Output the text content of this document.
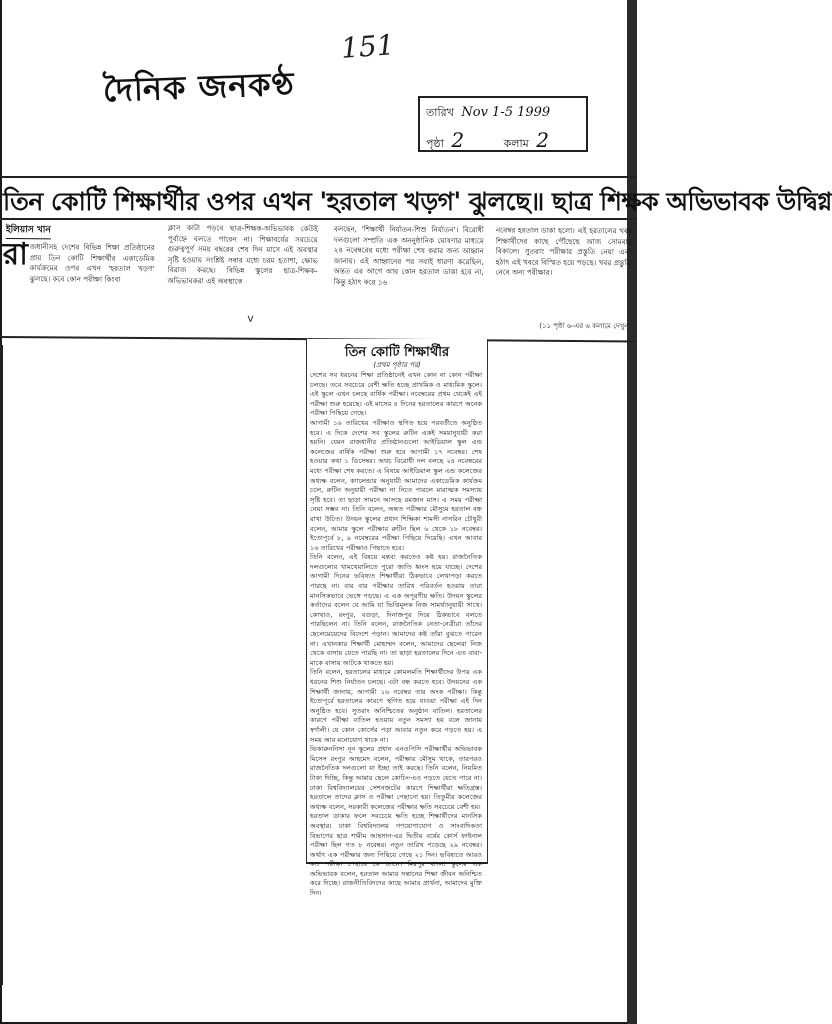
151
দৈনিক জনকণ্ঠ
তারিখ Nov 1-5 1999
পৃষ্ঠা 2	কলাম 2
তিন কোটি শিক্ষার্থীর ওপর এখন 'হরতাল খড়গ' ঝুলছে॥ ছাত্র শিক্ষক অভিভাবক উদ্বিগ্ন
ইলিয়াস খান
রা জধানীসহ দেশের বিভিন্ন শিক্ষা প্রতিষ্ঠানের প্রায় তিন কোটি শিক্ষার্থীর একাডেমিক কার্যক্রমের ওপর এখন 'হরতাল খড়গ' ঝুলছে। কবে কোন পরীক্ষা কিংবা
ক্লাস কাটা পড়বে ছাত্র-শিক্ষক-অভিভাবক কেউই পূর্বাহ্নে বলতে পারেন না। শিক্ষাবর্ষের সবচেয়ে গুরুত্বপূর্ণ সময় বছরের শেষ দিন মাসে এই অবস্থার সৃষ্টি হওয়ায় সংশ্লিষ্ট সবার মধ্যে চরম হতাশা, ক্ষোভ বিরাজ করছে। বিভিন্ন স্কুলের ছাত্র-শিক্ষক-অভিভাবকরা এই অবস্থাকে
বলছেন, 'শিক্ষার্থী নির্যাতন-শিশু নির্যাতন'। বিরোধী দলগুলো সম্প্রতি এক অননুষ্ঠানিক ঘোষণার মাধ্যমে ২৪ নবেম্বরের মধ্যে পরীক্ষা শেষ করার জন্য আহ্বান জানায়। এই আহ্বানের পর সবাই ধারণা করেছিল, অন্তত এর আগে আর কোন হরতাল ডাকা হবে না, কিন্তু হঠাৎ করে ১৬
নবেম্বর হরতাল ডাকা হলো। এই হরতালের খবর শিক্ষার্থীদের কাছে পৌঁছেছে আজ সোমবার বিকালে। সুতরাং পরীক্ষার প্রস্তুতি নেয়া এবং হঠাৎ এই খবরে বিস্মিত হয়ে পড়ছে। খবর প্রস্তুতি নেবে অন্য পরীক্ষার।
v
(১১ পৃষ্ঠা ৬-এর ৬ কলামে দেখুন)
তিন কোটি শিক্ষার্থীর
(প্রথম পৃষ্ঠার পর)

দেশের সব ধরনের শিক্ষা প্রতিষ্ঠানেই এখন কোন না কোন পরীক্ষা চলছে। তবে সবচেয়ে বেশী ক্ষতি হচ্ছে প্রাথমিক ও মাধ্যমিক স্কুলে। এই স্কুলে এখন চলছে বার্ষিক পরীক্ষা। নবেম্বরের প্রথম থেকেই এই পরীক্ষা শুরু হয়েছে। এই মাসের ৪ দিনের হরতালের কারণে অনেক পরীক্ষা পিছিয়ে গেছে।

আগামী ১৬ তারিখের পরীক্ষাও স্থগিত হয়ে পরবর্তীতে অনুষ্ঠিত হবে। এ দিকে দেশের সব স্কুলের রুটিন একই সময়ানুযায়ী করা হয়নি। যেমন রাজধানীর প্রতিষ্ঠানগুলো আইডিয়াল স্কুল এন্ড কলেজের বার্ষিক পরীক্ষা শুরু হবে আগামী ১৭ নবেম্বর। শেষ হওয়ার কথা ১ ডিসেম্বর। অথচ বিরোধী দল বলছে ২৪ নবেম্বরের মধ্যে পরীক্ষা শেষ করতে। এ বিষয়ে আইডিয়াল স্কুল এন্ড কলেজের অধ্যক্ষ বলেন, ক্যালেন্ডার অনুযায়ী আমাদের একাডেমিক কার্যক্রম চলে, রুটিন অনুযায়ী পরীক্ষা না নিতে পারলে মারাত্মক সমস্যায় সৃষ্টি হবে। তা ছাড়া সামনে আসছে রমজান মাস। এ সময় পরীক্ষা নেয়া সম্ভব না। তিনি বলেন, অন্তত পরীক্ষার মৌসুমে হরতাল বন্ধ রাখা উচিত। উদয়ন স্কুলের প্রধান শিক্ষিকা শামসী নাসরিন চৌধুরী বলেন, আমার স্কুলে পরীক্ষার রুটিন ছিল ৬ থেকে ১৮ নবেম্বর। ইতোপূর্বে ৮, ৯ নবেম্বরের পরীক্ষা পিছিয়ে দিয়েছি। এখন আবার ১৬ তারিখের পরীক্ষাও পিছাতে হবে।

তিনি বলেন, এই বিষয়ে মন্তব্য করতেও কষ্ট হয়। রাজনৈতিক দলগুলোর খামখেয়ালিতে পুরো জাতি ধ্বংস হয়ে যাচ্ছে। দেশের আগামী দিনের ভবিষ্যত শিক্ষার্থীরা ঠিকভাবে লেখাপড়া করতে পারছে না। বার বার পরীক্ষার তারিখ পরিবর্তন হওয়ায় তারা মানসিকভাবে ভেঙ্গে পড়ছে। এ এক অপূরণীয় ক্ষতি। উদয়ন স্কুলের কর্তাদের বলেন যে আমি যা ভিত্তিমূলক নিজ সামর্থ্যানুযায়ী সাথে। কোথাও, রংপুর, বগুড়া, দিনাজপুর দিয়ে ঠিকভাবে বলতে পারছিলেন না। তিনি বলেন, রাজনৈতিক নেতা-নেত্রীরা তাঁদের ছেলেমেয়েদের বিদেশে পড়ান। আমাদের কষ্ট তাঁরা বুঝতে পারেন না। এখানকার শিক্ষার্থী মোহাম্মদ বলেন, আমাদের ছেলেরা নিজ থেকে বাসায় যেতে পারছি না। তা ছাড়া হরতালের দিনে এত বাবা-মাকে বাসায় আটকে থাকতে হয়।

তিনি বলেন, হরতালের মাধ্যমে কোমলমতি শিক্ষার্থীদের উপর এক ধরনের শিশু নির্যাতন চলছে। এটা বন্ধ করতে হবে। উদয়নের এক শিক্ষার্থী জানায়, আগামী ১৬ নবেম্বর তার অংক পরীক্ষা। কিন্তু ইতোপূর্বে হরতালের কারণে স্থগিত হয়ে যাওয়া পরীক্ষা এই দিন অনুষ্ঠিত হবে। সুতরাং অনিশ্চিতের অনুষ্ঠান বাতিল। হরতালের কারণে পরীক্ষা বাতিল হওয়ায় নতুন সমস্যা হয় বলে জানায় স্বর্ণালী। যে কোন কোর্সের পড়া আবার নতুন করে পড়তে হয়। এ সময় আর মনোযোগ থাকে না।

ভিকারুননিসা নূন স্কুলের প্রধান এনওপিসি পরীক্ষার্থীর অভিভাবক মিসেস রংপুর আহমেদ বলেন, পরীক্ষার মৌসুম থাকে, তারপরও রাজনৈতিক দলগুলো যা ইচ্ছা তাই করছে। তিনি বলেন, নিয়মিত টাকা দিচ্ছি, কিন্তু আমার ছেলে কোচিং-এও পড়তে যেতে পারে না। ঢাকা বিশ্ববিদ্যালয়ের সেশনজটের কারণে শিক্ষার্থীরা ক্ষতিগ্রস্ত। হরতালে তাদের ক্লাস ও পরীক্ষা পেছানো হয়। তিতুমীর কলেজের অধ্যক্ষ বলেন, সরকারী কলেজের পরীক্ষার ক্ষতি সবচেয়ে বেশী হয়।

হরতাল ডাকার ফলে সবচেয়ে ক্ষতি হচ্ছে শিক্ষার্থীদের মানসিক অবস্থার। ঢাকা বিশ্ববিদ্যালয় গণযোগাযোগ ও সাংবাদিকতা বিভাগের ছাত্র শামীম আহসান-এর দ্বিতীয় বর্ষের কোর্স ফাইনাল পরীক্ষা ছিল গত ৮ নবেম্বর। নতুন তারিখ পড়েছে ২৯ নবেম্বর। অর্থাৎ এক পরীক্ষার জন্য পিছিয়ে গেছে ২১ দিন। ভবিষ্যতে আরও কত পরীক্ষা পেছাবে কে জানে। মিরপুর বাংলা স্কুলের এক অভিভাবক বলেন, হরতাল আমার সন্তানের শিক্ষা জীবন অনিশ্চিত করে দিচ্ছে। রাজনীতিবিদদের কাছে আমার প্রার্থনা, আমাদের মুক্তি দিন।
